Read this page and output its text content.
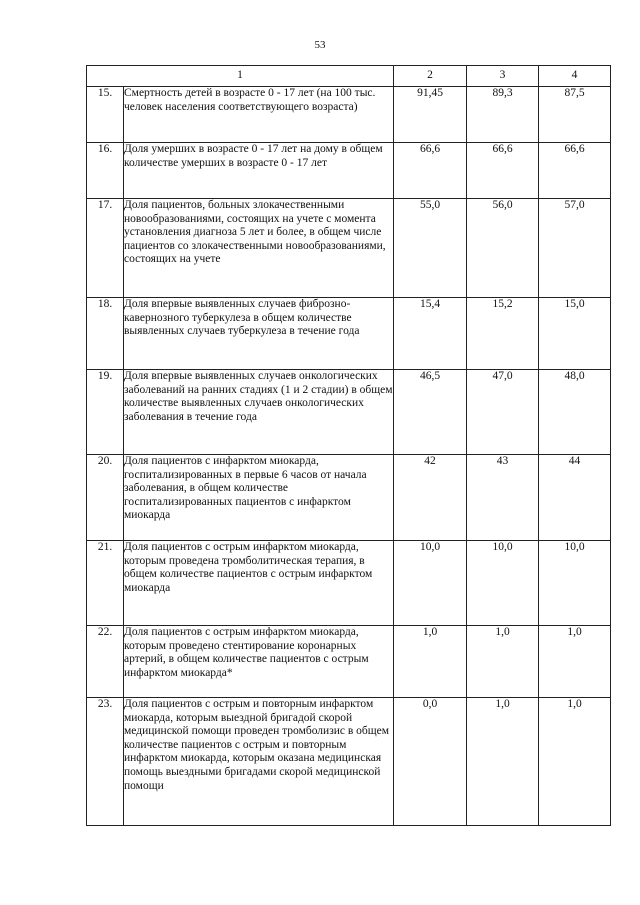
53
1		2	3	4
15.	Смертность детей в возрасте 0 - 17 лет (на 100 тыс. человек населения соответствующего возраста)	91,45	89,3	87,5
16.	Доля умерших в возрасте 0 - 17 лет на дому в общем количестве умерших в возрасте 0 - 17 лет	66,6	66,6	66,6
17.	Доля пациентов, больных злокачественными новообразованиями, состоящих на учете с момента установления диагноза 5 лет и более, в общем числе пациентов со злокачественными новообразованиями, состоящих на учете	55,0	56,0	57,0
18.	Доля впервые выявленных случаев фиброзно-кавернозного туберкулеза в общем количестве выявленных случаев туберкулеза в течение года	15,4	15,2	15,0
19.	Доля впервые выявленных случаев онкологических заболеваний на ранних стадиях (1 и 2 стадии) в общем количестве выявленных случаев онкологических заболевания в течение года	46,5	47,0	48,0
20.	Доля пациентов с инфарктом миокарда, госпитализированных в первые 6 часов от начала заболевания, в общем количестве госпитализированных пациентов с инфарктом миокарда	42	43	44
21.	Доля пациентов с острым инфарктом миокарда, которым проведена тромболитическая терапия, в общем количестве пациентов с острым инфарктом миокарда	10,0	10,0	10,0
22.	Доля пациентов с острым инфарктом миокарда, которым проведено стентирование коронарных артерий, в общем количестве пациентов с острым инфарктом миокарда*	1,0	1,0	1,0
23.	Доля пациентов с острым и повторным инфарктом миокарда, которым выездной бригадой скорой медицинской помощи проведен тромболизис в общем количестве пациентов с острым и повторным инфарктом миокарда, которым оказана медицинская помощь выездными бригадами скорой медицинской помощи	0,0	1,0	1,0
